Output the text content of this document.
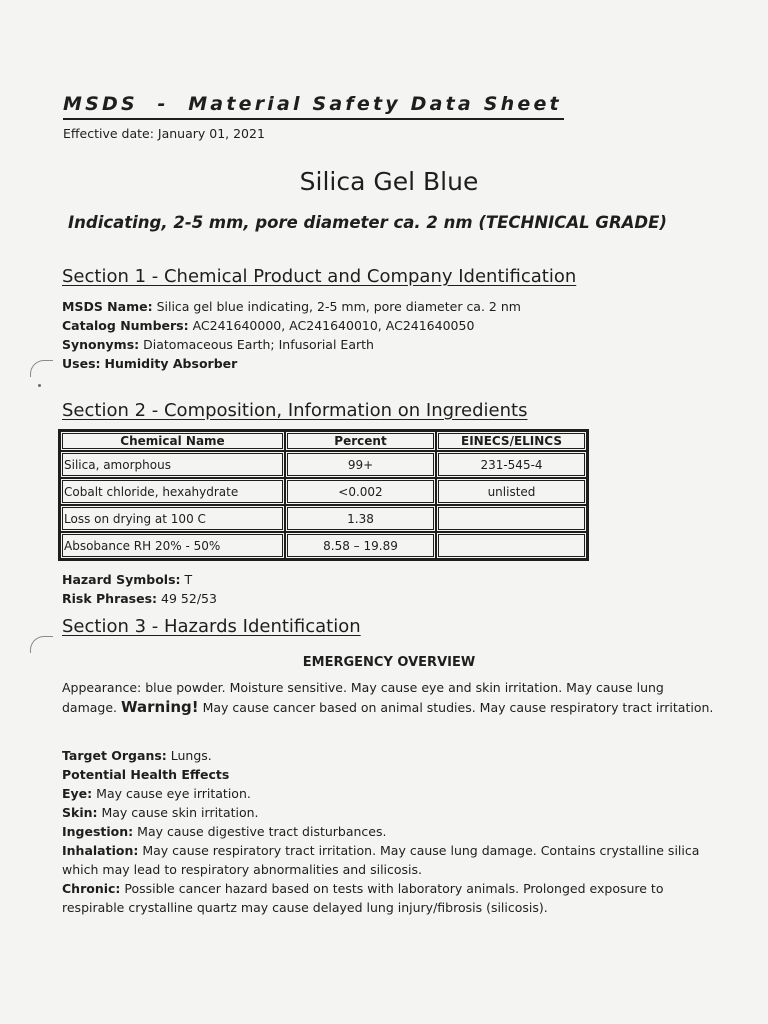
MSDS  -  Material Safety Data Sheet
Effective date: January 01, 2021
Silica Gel Blue
Indicating, 2-5 mm, pore diameter ca. 2 nm (TECHNICAL GRADE)
Section 1 - Chemical Product and Company Identification
MSDS Name: Silica gel blue indicating, 2-5 mm, pore diameter ca. 2 nm
Catalog Numbers: AC241640000, AC241640010, AC241640050
Synonyms: Diatomaceous Earth; Infusorial Earth
Uses: Humidity Absorber
Section 2 - Composition, Information on Ingredients
Chemical Name	Percent	EINECS/ELINCS
Silica, amorphous	99+	231-545-4
Cobalt chloride, hexahydrate	<0.002	unlisted
Loss on drying at 100 C	1.38	
Absobance RH 20% - 50%	8.58 – 19.89	
Hazard Symbols: T
Risk Phrases: 49 52/53
Section 3 - Hazards Identification
EMERGENCY OVERVIEW
Appearance: blue powder. Moisture sensitive. May cause eye and skin irritation. May cause lung damage. Warning! May cause cancer based on animal studies. May cause respiratory tract irritation.
Target Organs: Lungs.
Potential Health Effects
Eye: May cause eye irritation.
Skin: May cause skin irritation.
Ingestion: May cause digestive tract disturbances.
Inhalation: May cause respiratory tract irritation. May cause lung damage. Contains crystalline silica which may lead to respiratory abnormalities and silicosis.
Chronic: Possible cancer hazard based on tests with laboratory animals. Prolonged exposure to respirable crystalline quartz may cause delayed lung injury/fibrosis (silicosis).
